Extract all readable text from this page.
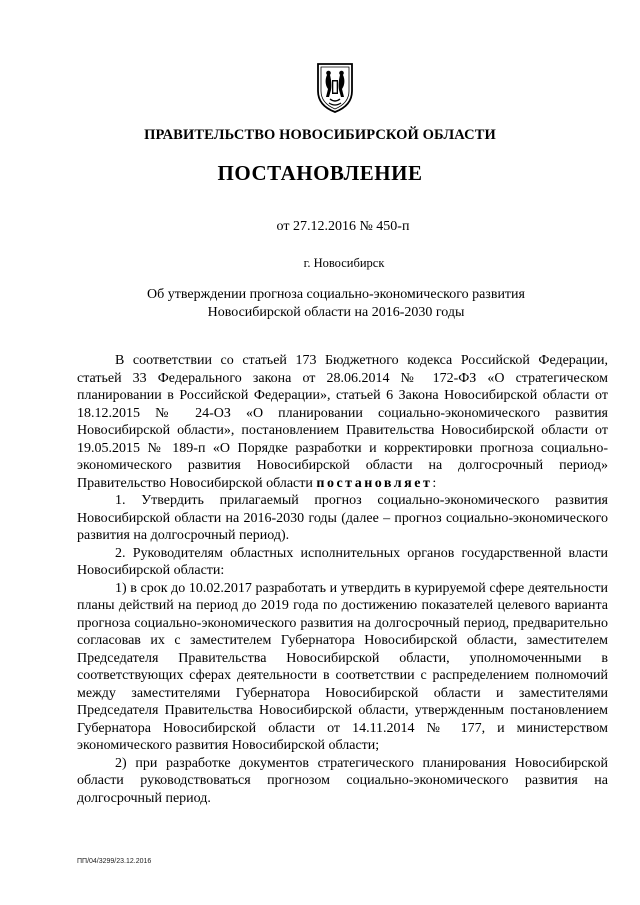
ПРАВИТЕЛЬСТВО НОВОСИБИРСКОЙ ОБЛАСТИ
ПОСТАНОВЛЕНИЕ
от 27.12.2016 № 450-п
г. Новосибирск
Об утверждении прогноза социально-экономического развития
Новосибирской области на 2016-2030 годы

В соответствии со статьей 173 Бюджетного кодекса Российской Федерации, статьей 33 Федерального закона от 28.06.2014 № 172-ФЗ «О стратегическом планировании в Российской Федерации», статьей 6 Закона Новосибирской области от 18.12.2015 № 24-ОЗ «О планировании социально-экономического развития Новосибирской области», постановлением Правительства Новосибирской области от 19.05.2015 № 189-п «О Порядке разработки и корректировки прогноза социально-экономического развития Новосибирской области на долгосрочный период» Правительство Новосибирской области постановляет:

1. Утвердить прилагаемый прогноз социально-экономического развития Новосибирской области на 2016-2030 годы (далее – прогноз социально-экономического развития на долгосрочный период).

2. Руководителям областных исполнительных органов государственной власти Новосибирской области:

1) в срок до 10.02.2017 разработать и утвердить в курируемой сфере деятельности планы действий на период до 2019 года по достижению показателей целевого варианта прогноза социально-экономического развития на долгосрочный период, предварительно согласовав их с заместителем Губернатора Новосибирской области, заместителем Председателя Правительства Новосибирской области, уполномоченными в соответствующих сферах деятельности в соответствии с распределением полномочий между заместителями Губернатора Новосибирской области и заместителями Председателя Правительства Новосибирской области, утвержденным постановлением Губернатора Новосибирской области от 14.11.2014 № 177, и министерством экономического развития Новосибирской области;

2) при разработке документов стратегического планирования Новосибирской области руководствоваться прогнозом социально-экономического развития на долгосрочный период.

ПП/04/3299/23.12.2016
